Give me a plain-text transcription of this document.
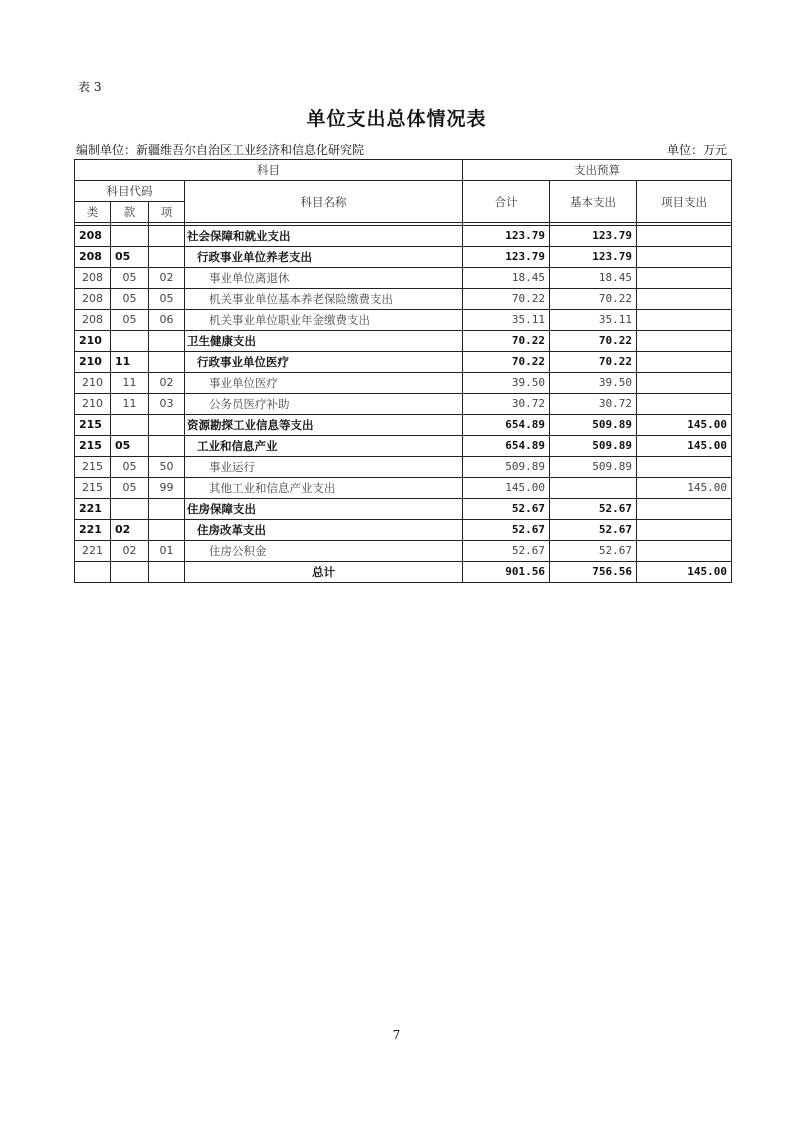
表 3
单位支出总体情况表
编制单位：新疆维吾尔自治区工业经济和信息化研究院	单位：万元
科目				支出预算		
科目代码			科目名称	合计	基本支出	项目支出
类	款	项				

208			社会保障和就业支出	123.79	123.79	
208	05		行政事业单位养老支出	123.79	123.79	
208	05	02	事业单位离退休	18.45	18.45	
208	05	05	机关事业单位基本养老保险缴费支出	70.22	70.22	
208	05	06	机关事业单位职业年金缴费支出	35.11	35.11	
210			卫生健康支出	70.22	70.22	
210	11		行政事业单位医疗	70.22	70.22	
210	11	02	事业单位医疗	39.50	39.50	
210	11	03	公务员医疗补助	30.72	30.72	
215			资源勘探工业信息等支出	654.89	509.89	145.00
215	05		工业和信息产业	654.89	509.89	145.00
215	05	50	事业运行	509.89	509.89	
215	05	99	其他工业和信息产业支出	145.00		145.00
221			住房保障支出	52.67	52.67	
221	02		住房改革支出	52.67	52.67	
221	02	01	住房公积金	52.67	52.67	
			总计	901.56	756.56	145.00
7
